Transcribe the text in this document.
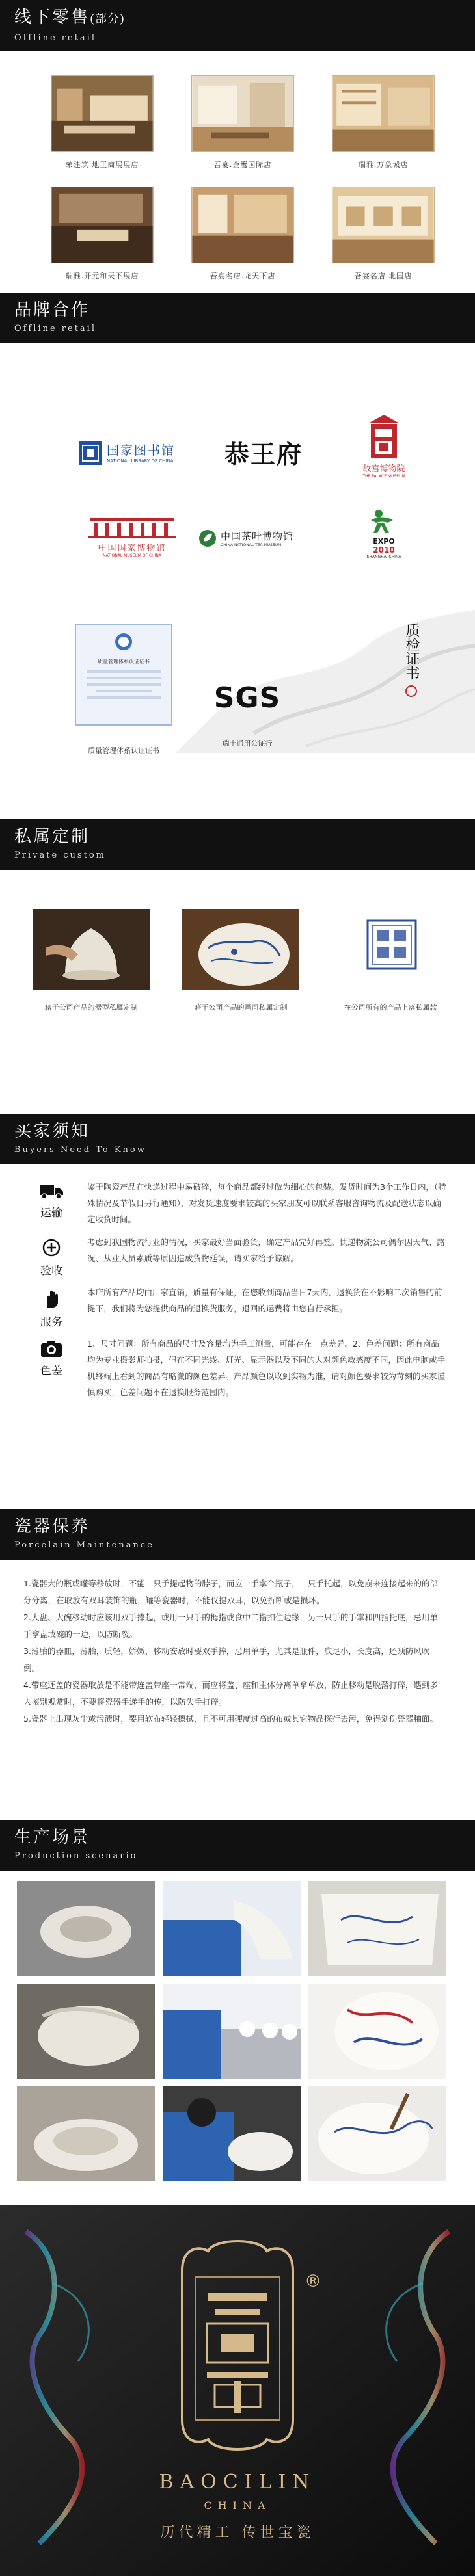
线下零售(部分)
Offline retail
荣建筑.地王商展展店	吾宴.金鹰国际店	瑞雅.万象城店
瑞雅.开元和天下展店	吾宴名店.龙天下店	吾宴名店.北国店
品牌合作
Offline retail
国家图书馆
NATIONAL LIBRARY OF CHINA	恭王府
故宫博物院
THE PALACE MUSEUM
中国国家博物馆
NATIONAL MUSEUM OF CHINA
中国茶叶博物馆
CHINA NATIONAL TEA MUSEUM	EXPO
2010
SHANGHAI CHINA
质量管理体系认证证书
质量管理体系认证证书
SGS
瑞士通用公证行
质检证书
私属定制
Private custom
藉于公司产品的器型私属定制	藉于公司产品的画面私属定制	在公司所有的产品上落私属款
买家须知
Buyers Need To Know
运输
鉴于陶瓷产品在快递过程中易破碎，每个商品都经过做为细心的包装。发货时间为3个工作日内，（特殊情况及节假日另行通知），对发货速度要求较高的买家朋友可以联系客服咨询物流及配送状态以确定收货时间。
验收
考虑到我国物流行业的情况，买家最好当面验货，确定产品完好再签。快递物流公司偶尔因天气、路况、从业人员素质等原因造成货物延误，请买家给予谅解。
服务
本店所有产品均由厂家直销，质量有保证，在您收到商品当日7天内，退换货在不影响二次销售的前提下，我们将为您提供商品的退换货服务，退回的运费将由您自行承担。
色差
1、尺寸问题：所有商品的尺寸及容量均为手工测量，可能存在一点差异。2、色差问题：所有商品均为专业摄影师拍摄，但在不同光线、灯光、显示器以及不同的人对颜色敏感度不同，因此电脑或手机终端上看到的商品有略微的颜色差异。产品颜色以收到实物为准，请对颜色要求较为苛刻的买家谨慎购买，色差问题不在退换服务范围内。
瓷器保养
Porcelain Maintenance

1.瓷器大的瓶或罐等移放时，不能一只手提起物的脖子，而应一手拿个瓶子，一只手托起，以免崩来连接起来的的部分分离，在取放有双耳装饰的瓶，罐等瓷器时，不能仅提双耳，以免折断或是损坏。

2.大盘、大碗移动时应该用双手捧起，或用一只手的拇指或食中二指扣住边缘，另一只手的手掌和四指托底，忌用单手拿盘或碗的一边，以防断裂。

3.薄胎的器皿，薄胎，质轻，娇嫩，移动安放时要双手捧，忌用单手，尤其是瓶件，底足小，长度高，还须防风吹倒。

4.带座还盖的瓷器取放是不能带连盖带座一常端，而应将盖、座和主体分离单拿单放，防止移动是脱落打碎，遇到多人鉴别观赏时，不要将瓷器手递手的传，以防失手打碎。

5.瓷器上出现灰尘或污渍时，要用软布轻轻擦拭，且不可用硬度过高的布或其它物品探行去污，免得划伤瓷器釉面。

生产场景
Production scenario
®
BAOCILIN
CHINA
历代精工 传世宝瓷
